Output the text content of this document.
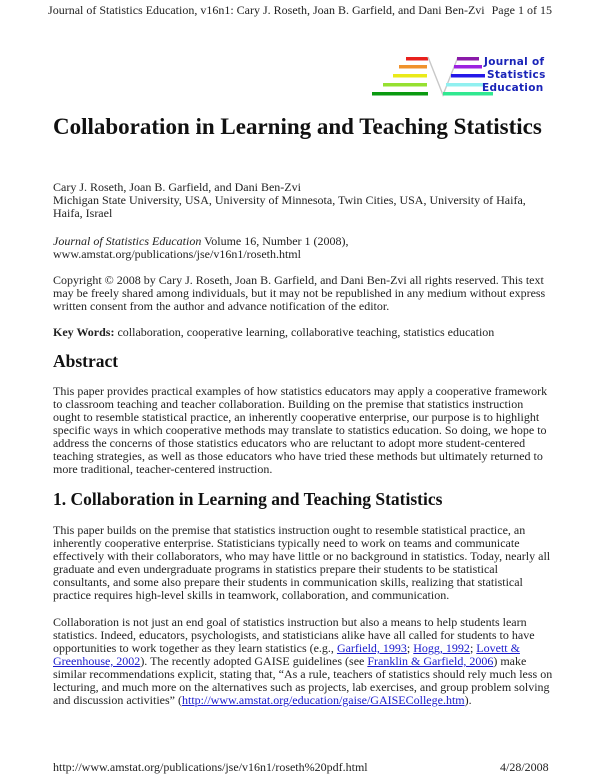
Journal of Statistics Education, v16n1: Cary J. Roseth, Joan B. Garfield, and Dani Ben-Zvi Page 1 of 15
Journal of
Statistics
Education
Collaboration in Learning and Teaching Statistics

Cary J. Roseth, Joan B. Garfield, and Dani Ben-Zvi

Michigan State University, USA, University of Minnesota, Twin Cities, USA, University of Haifa, Haifa, Israel

Journal of Statistics Education Volume 16, Number 1 (2008),

www.amstat.org/publications/jse/v16n1/roseth.html

Copyright © 2008 by Cary J. Roseth, Joan B. Garfield, and Dani Ben-Zvi all rights reserved. This text may be freely shared among individuals, but it may not be republished in any medium without express written consent from the author and advance notification of the editor.

Key Words: collaboration, cooperative learning, collaborative teaching, statistics education

Abstract

This paper provides practical examples of how statistics educators may apply a cooperative framework to classroom teaching and teacher collaboration. Building on the premise that statistics instruction ought to resemble statistical practice, an inherently cooperative enterprise, our purpose is to highlight specific ways in which cooperative methods may translate to statistics education. So doing, we hope to address the concerns of those statistics educators who are reluctant to adopt more student-centered teaching strategies, as well as those educators who have tried these methods but ultimately returned to more traditional, teacher-centered instruction.

1. Collaboration in Learning and Teaching Statistics

This paper builds on the premise that statistics instruction ought to resemble statistical practice, an inherently cooperative enterprise. Statisticians typically need to work on teams and communicate effectively with their collaborators, who may have little or no background in statistics. Today, nearly all graduate and even undergraduate programs in statistics prepare their students to be statistical consultants, and some also prepare their students in communication skills, realizing that statistical practice requires high-level skills in teamwork, collaboration, and communication.

Collaboration is not just an end goal of statistics instruction but also a means to help students learn statistics. Indeed, educators, psychologists, and statisticians alike have all called for students to have opportunities to work together as they learn statistics (e.g., Garfield, 1993; Hogg, 1992; Lovett & Greenhouse, 2002). The recently adopted GAISE guidelines (see Franklin & Garfield, 2006) make similar recommendations explicit, stating that, “As a rule, teachers of statistics should rely much less on lecturing, and much more on the alternatives such as projects, lab exercises, and group problem solving and discussion activities” (http://www.amstat.org/education/gaise/GAISECollege.htm).

http://www.amstat.org/publications/jse/v16n1/roseth%20pdf.html	4/28/2008
